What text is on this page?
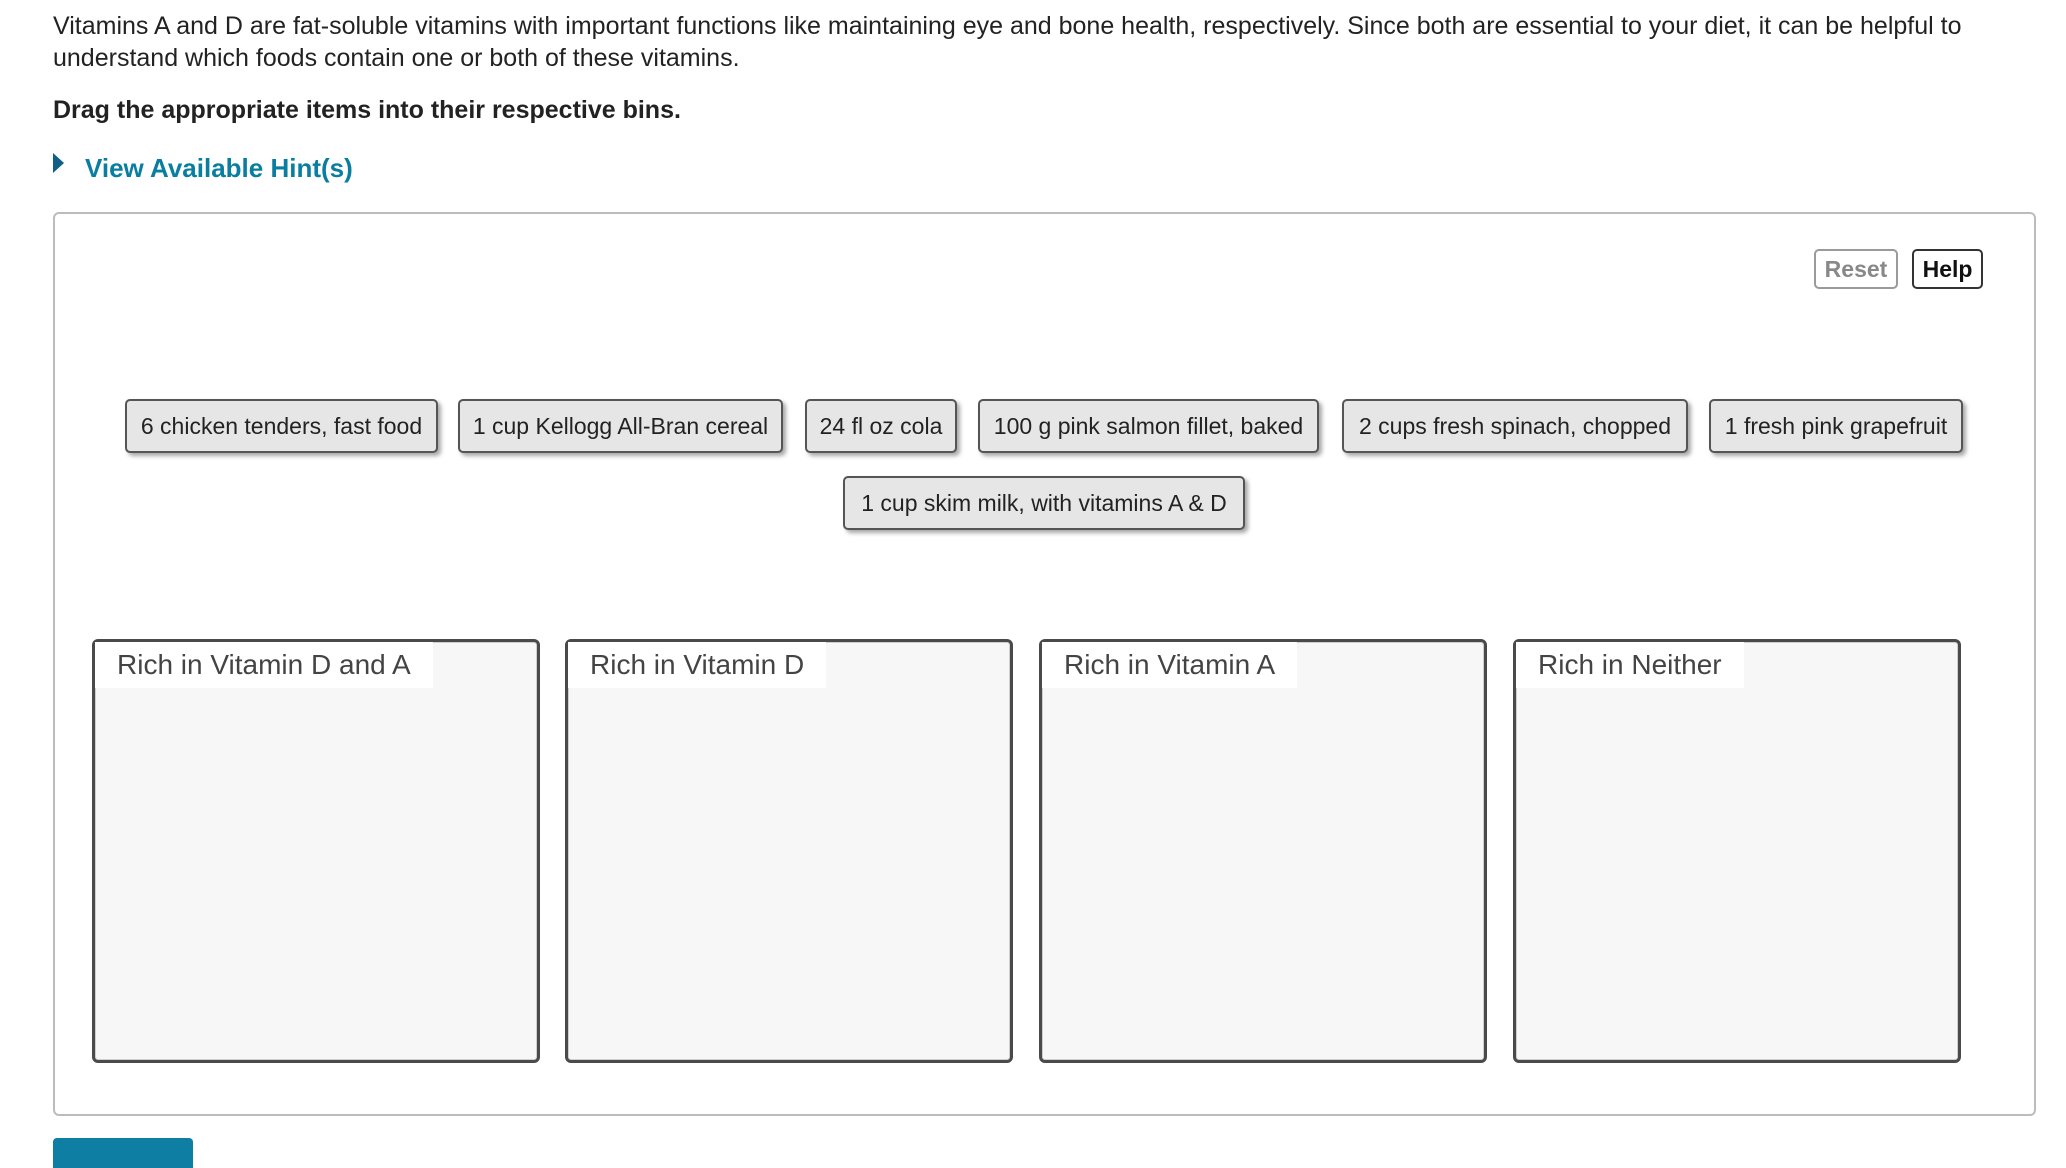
Vitamins A and D are fat-soluble vitamins with important functions like maintaining eye and bone health, respectively. Since both are essential to your diet, it can be helpful to understand which foods contain one or both of these vitamins.

Drag the appropriate items into their respective bins.

View Available Hint(s)
Reset	Help
6 chicken tenders, fast food	1 cup Kellogg All-Bran cereal	24 fl oz cola	100 g pink salmon fillet, baked	2 cups fresh spinach, chopped	1 fresh pink grapefruit
1 cup skim milk, with vitamins A & D
Rich in Vitamin D and A	Rich in Vitamin D	Rich in Vitamin A	Rich in Neither
